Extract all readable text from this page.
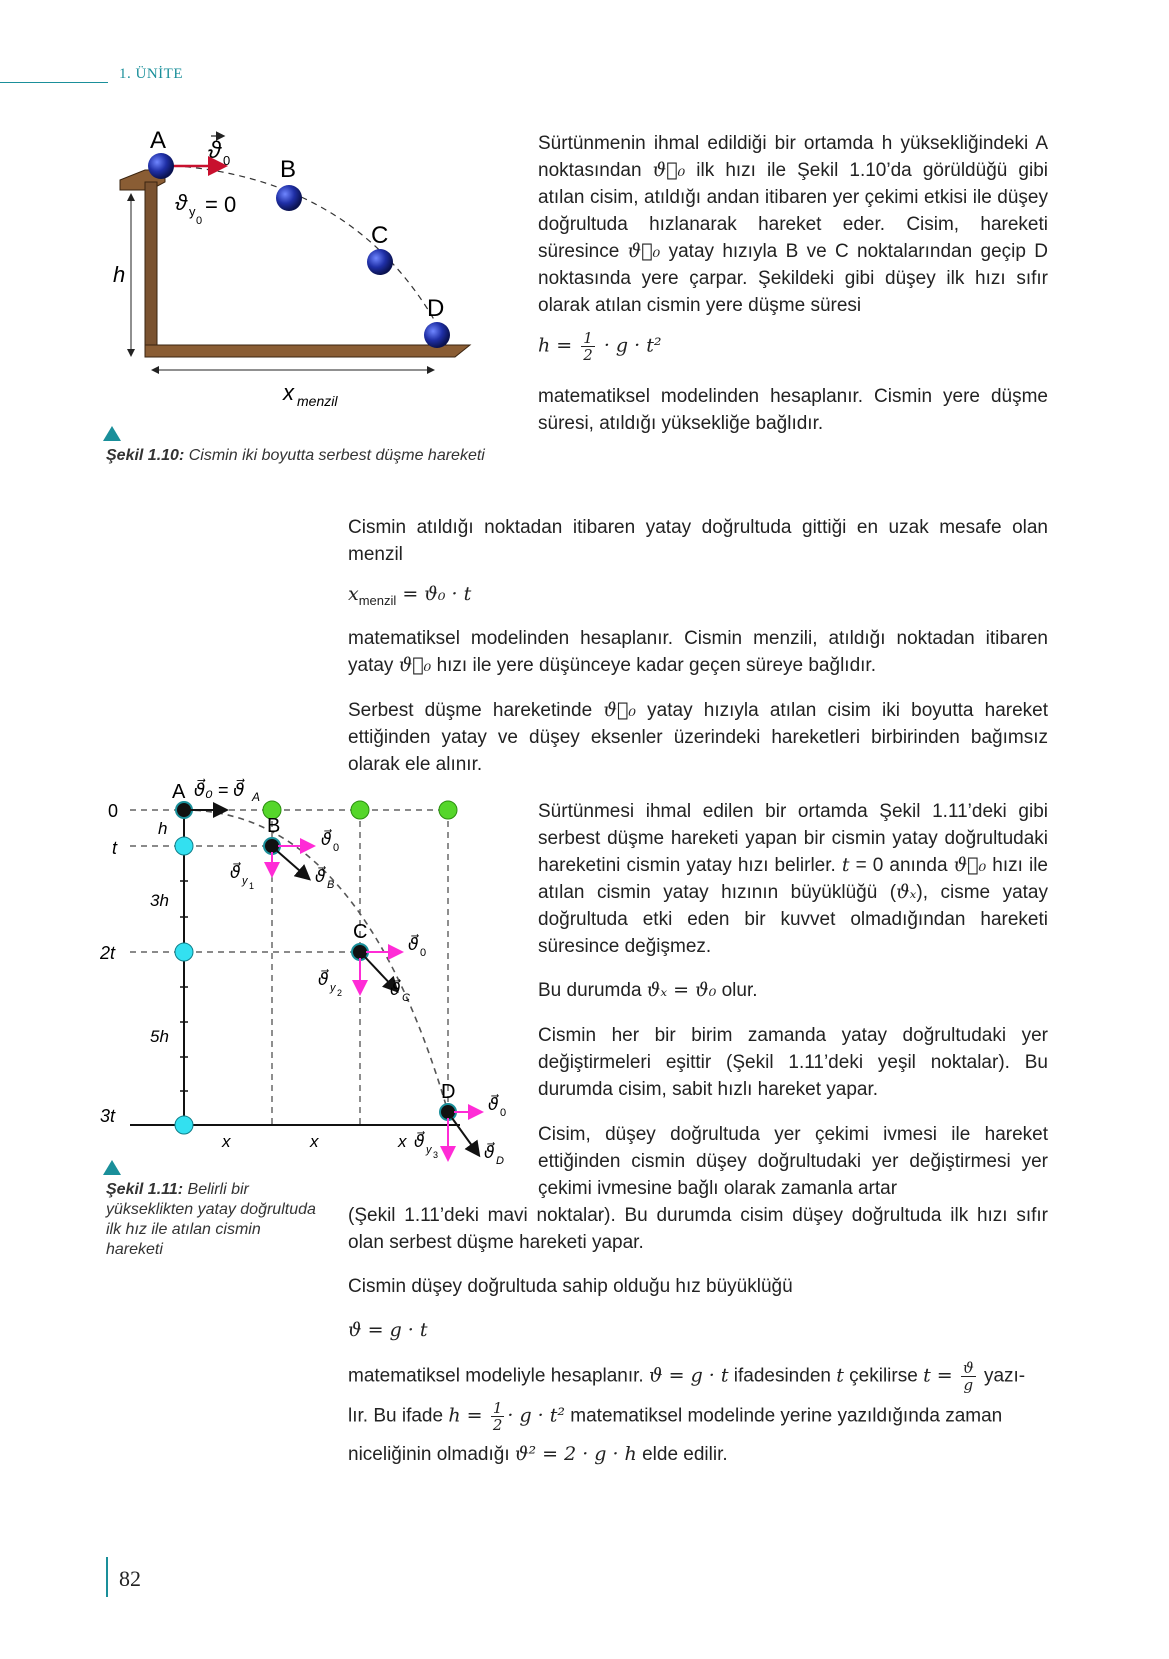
1. ÜNİTE
A
B
C
D
ϑ 0
ϑ y
0
= 0
h
x menzil
Şekil 1.10: Cismin iki boyutta serbest düşme hareketi
Sürtünmenin ihmal edildiği bir ortamda h yüksekliğindeki A noktasından ϑ⃗₀ ilk hızı ile Şekil 1.10’da görüldüğü gibi atılan cisim, atıldığı andan itibaren yer çekimi etkisi ile düşey doğrultuda hızlanarak hareket eder. Cisim, hareketi süresince ϑ⃗₀ yatay hızıyla B ve C noktalarından geçip D noktasında yere çarpar. Şekildeki gibi düşey ilk hızı sıfır olarak atılan cismin yere düşme süresi
$h = \frac{1}{2} \cdot g \cdot t^2$
matematiksel modelinden hesaplanır. Cismin yere düşme süresi, atıldığı yüksekliğe bağlıdır.
Cismin atıldığı noktadan itibaren yatay doğrultuda gittiği en uzak mesafe olan menzil
$x_{menzil} = ϑ_0 \cdot t$
matematiksel modelinden hesaplanır. Cismin menzili, atıldığı noktadan itibaren yatay ϑ⃗₀ hızı ile yere düşünceye kadar geçen süreye bağlıdır.
Serbest düşme hareketinde ϑ⃗₀ yatay hızıyla atılan cisim iki boyutta hareket ettiğinden yatay ve düşey eksenler üzerindeki hareketleri birbirinden bağımsız olarak ele alınır.
A ϑ⃗₀ = ϑ⃗ A
B
C
D
0
t
2t
3t
h
3h
5h
x	x	x
ϑ⃗ 0
ϑ⃗ y 1	ϑ⃗ B
ϑ⃗ 0
ϑ⃗ y 2	ϑ⃗ C
ϑ⃗ 0
ϑ⃗ y 3	ϑ⃗ D
Şekil 1.11: Belirli bir yükseklikten yatay doğrultuda ilk hız ile atılan cismin hareketi
Sürtünmesi ihmal edilen bir ortamda Şekil 1.11’deki gibi serbest düşme hareketi yapan bir cismin yatay doğrultudaki hareketini cismin yatay hızı belirler. t = 0 anında ϑ⃗₀ hızı ile atılan cismin yatay hızının büyüklüğü (ϑₓ), cisme yatay doğrultuda etki eden bir kuvvet olmadığından hareketi süresince değişmez.
Bu durumda ϑₓ = ϑ₀ olur.
Cismin her bir birim zamanda yatay doğrultudaki yer değiştirmeleri eşittir (Şekil 1.11’deki yeşil noktalar). Bu durumda cisim, sabit hızlı hareket yapar.
Cisim, düşey doğrultuda yer çekimi ivmesi ile hareket ettiğinden cismin düşey doğrultudaki yer değiştirmesi yer çekimi ivmesine bağlı olarak zamanla artar
(Şekil 1.11’deki mavi noktalar). Bu durumda cisim düşey doğrultuda ilk hızı sıfır olan serbest düşme hareketi yapar.
Cismin düşey doğrultuda sahip olduğu hız büyüklüğü
ϑ = g · t
matematiksel modeliyle hesaplanır. ϑ = g · t ifadesinden t çekilirse $t = \frac{ϑ}{g}$ yazı-
lır. Bu ifade $h = \frac{1}{2} \cdot g \cdot t^2$ matematiksel modelinde yerine yazıldığında zaman
niceliğinin olmadığı ϑ² = 2 · g · h elde edilir.
82
